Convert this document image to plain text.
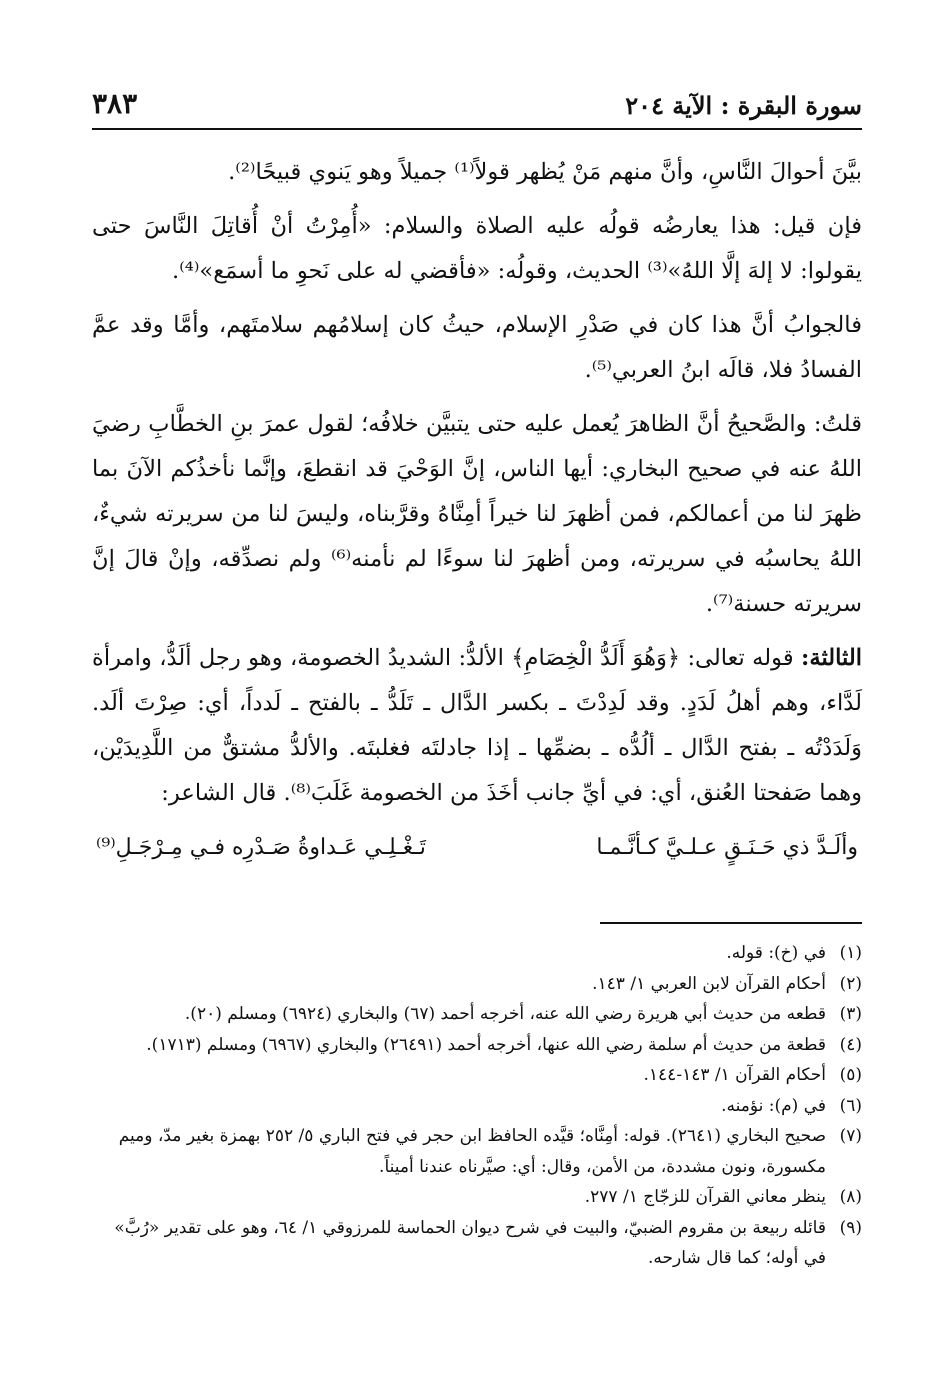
سورة البقرة : الآية ٢٠٤
٣٨٣

بيَّنَ أحوالَ النَّاسِ، وأنَّ منهم مَنْ يُظهر قولاً⁽¹⁾ جميلاً وهو يَنوي قبيحًا⁽²⁾.

فإن قيل: هذا يعارضُه قولُه عليه الصلاة والسلام: «أُمِرْتُ أنْ أُقاتِلَ النَّاسَ حتى يقولوا: لا إلهَ إلَّا اللهُ»⁽³⁾ الحديث، وقولُه: «فأقضي له على نَحوِ ما أسمَع»⁽⁴⁾.

فالجوابُ أنَّ هذا كان في صَدْرِ الإسلام، حيثُ كان إسلامُهم سلامتَهم، وأمَّا وقد عمَّ الفسادُ فلا، قالَه ابنُ العربي⁽⁵⁾.

قلتُ: والصَّحيحُ أنَّ الظاهرَ يُعمل عليه حتى يتبيَّن خلافُه؛ لقول عمرَ بنِ الخطَّابِ رضيَ اللهُ عنه في صحيح البخاري: أيها الناس، إنَّ الوَحْيَ قد انقطعَ، وإنَّما نأخذُكم الآنَ بما ظهرَ لنا من أعمالكم، فمن أظهرَ لنا خيراً أمِنَّاهُ وقرَّبناه، وليسَ لنا من سريرته شيءٌ، اللهُ يحاسبُه في سريرته، ومن أظهرَ لنا سوءًا لم نأمنه⁽⁶⁾ ولم نصدِّقه، وإنْ قالَ إنَّ سريرته حسنة⁽⁷⁾.

الثالثة: قوله تعالى: ﴿وَهُوَ أَلَدُّ الْخِصَامِ﴾ الألدُّ: الشديدُ الخصومة، وهو رجل ألَدُّ، وامرأة لَدَّاء، وهم أهلُ لَدَدٍ. وقد لَدِدْتَ ـ بكسر الدَّال ـ تَلَدُّ ـ بالفتح ـ لَدداً، أي: صِرْتَ ألَد. وَلَدَدْتُه ـ بفتح الدَّال ـ ألُدُّه ـ بضمِّها ـ إذا جادلتَه فغلبتَه. والألدُّ مشتقٌّ من اللَّدِيدَيْن، وهما صَفحتا العُنق، أي: في أيِّ جانب أخَذَ من الخصومة غَلَبَ⁽⁸⁾. قال الشاعر:

وألَـدَّ ذي حَـنَـقٍ عـلـيَّ كـأنَّـمـا
تَـغْـلِـي عَـداوةُ صَـدْرِه فـي مِـرْجَـلِ⁽⁹⁾
(١)
في (خ): قوله.
(٢)
أحكام القرآن لابن العربي ١/ ١٤٣.
(٣)
قطعه من حديث أبي هريرة رضي الله عنه، أخرجه أحمد (٦٧) والبخاري (٦٩٢٤) ومسلم (٢٠).
(٤)
قطعة من حديث أم سلمة رضي الله عنها، أخرجه أحمد (٢٦٤٩١) والبخاري (٦٩٦٧) ومسلم (١٧١٣).
(٥)
أحكام القرآن ١/ ١٤٣-١٤٤.
(٦)
في (م): نؤمنه.
(٧)
صحيح البخاري (٢٦٤١). قوله: أمِنَّاه؛ قيَّده الحافظ ابن حجر في فتح الباري ٥/ ٢٥٢ بهمزة بغير مدّ، وميم مكسورة، ونون مشددة، من الأمن، وقال: أي: صيَّرناه عندنا أميناً.
(٨)
ينظر معاني القرآن للزجّاج ١/ ٢٧٧.
(٩)
قائله ربيعة بن مقروم الضبيّ، والبيت في شرح ديوان الحماسة للمرزوقي ١/ ٦٤، وهو على تقدير «رُبَّ» في أوله؛ كما قال شارحه.
